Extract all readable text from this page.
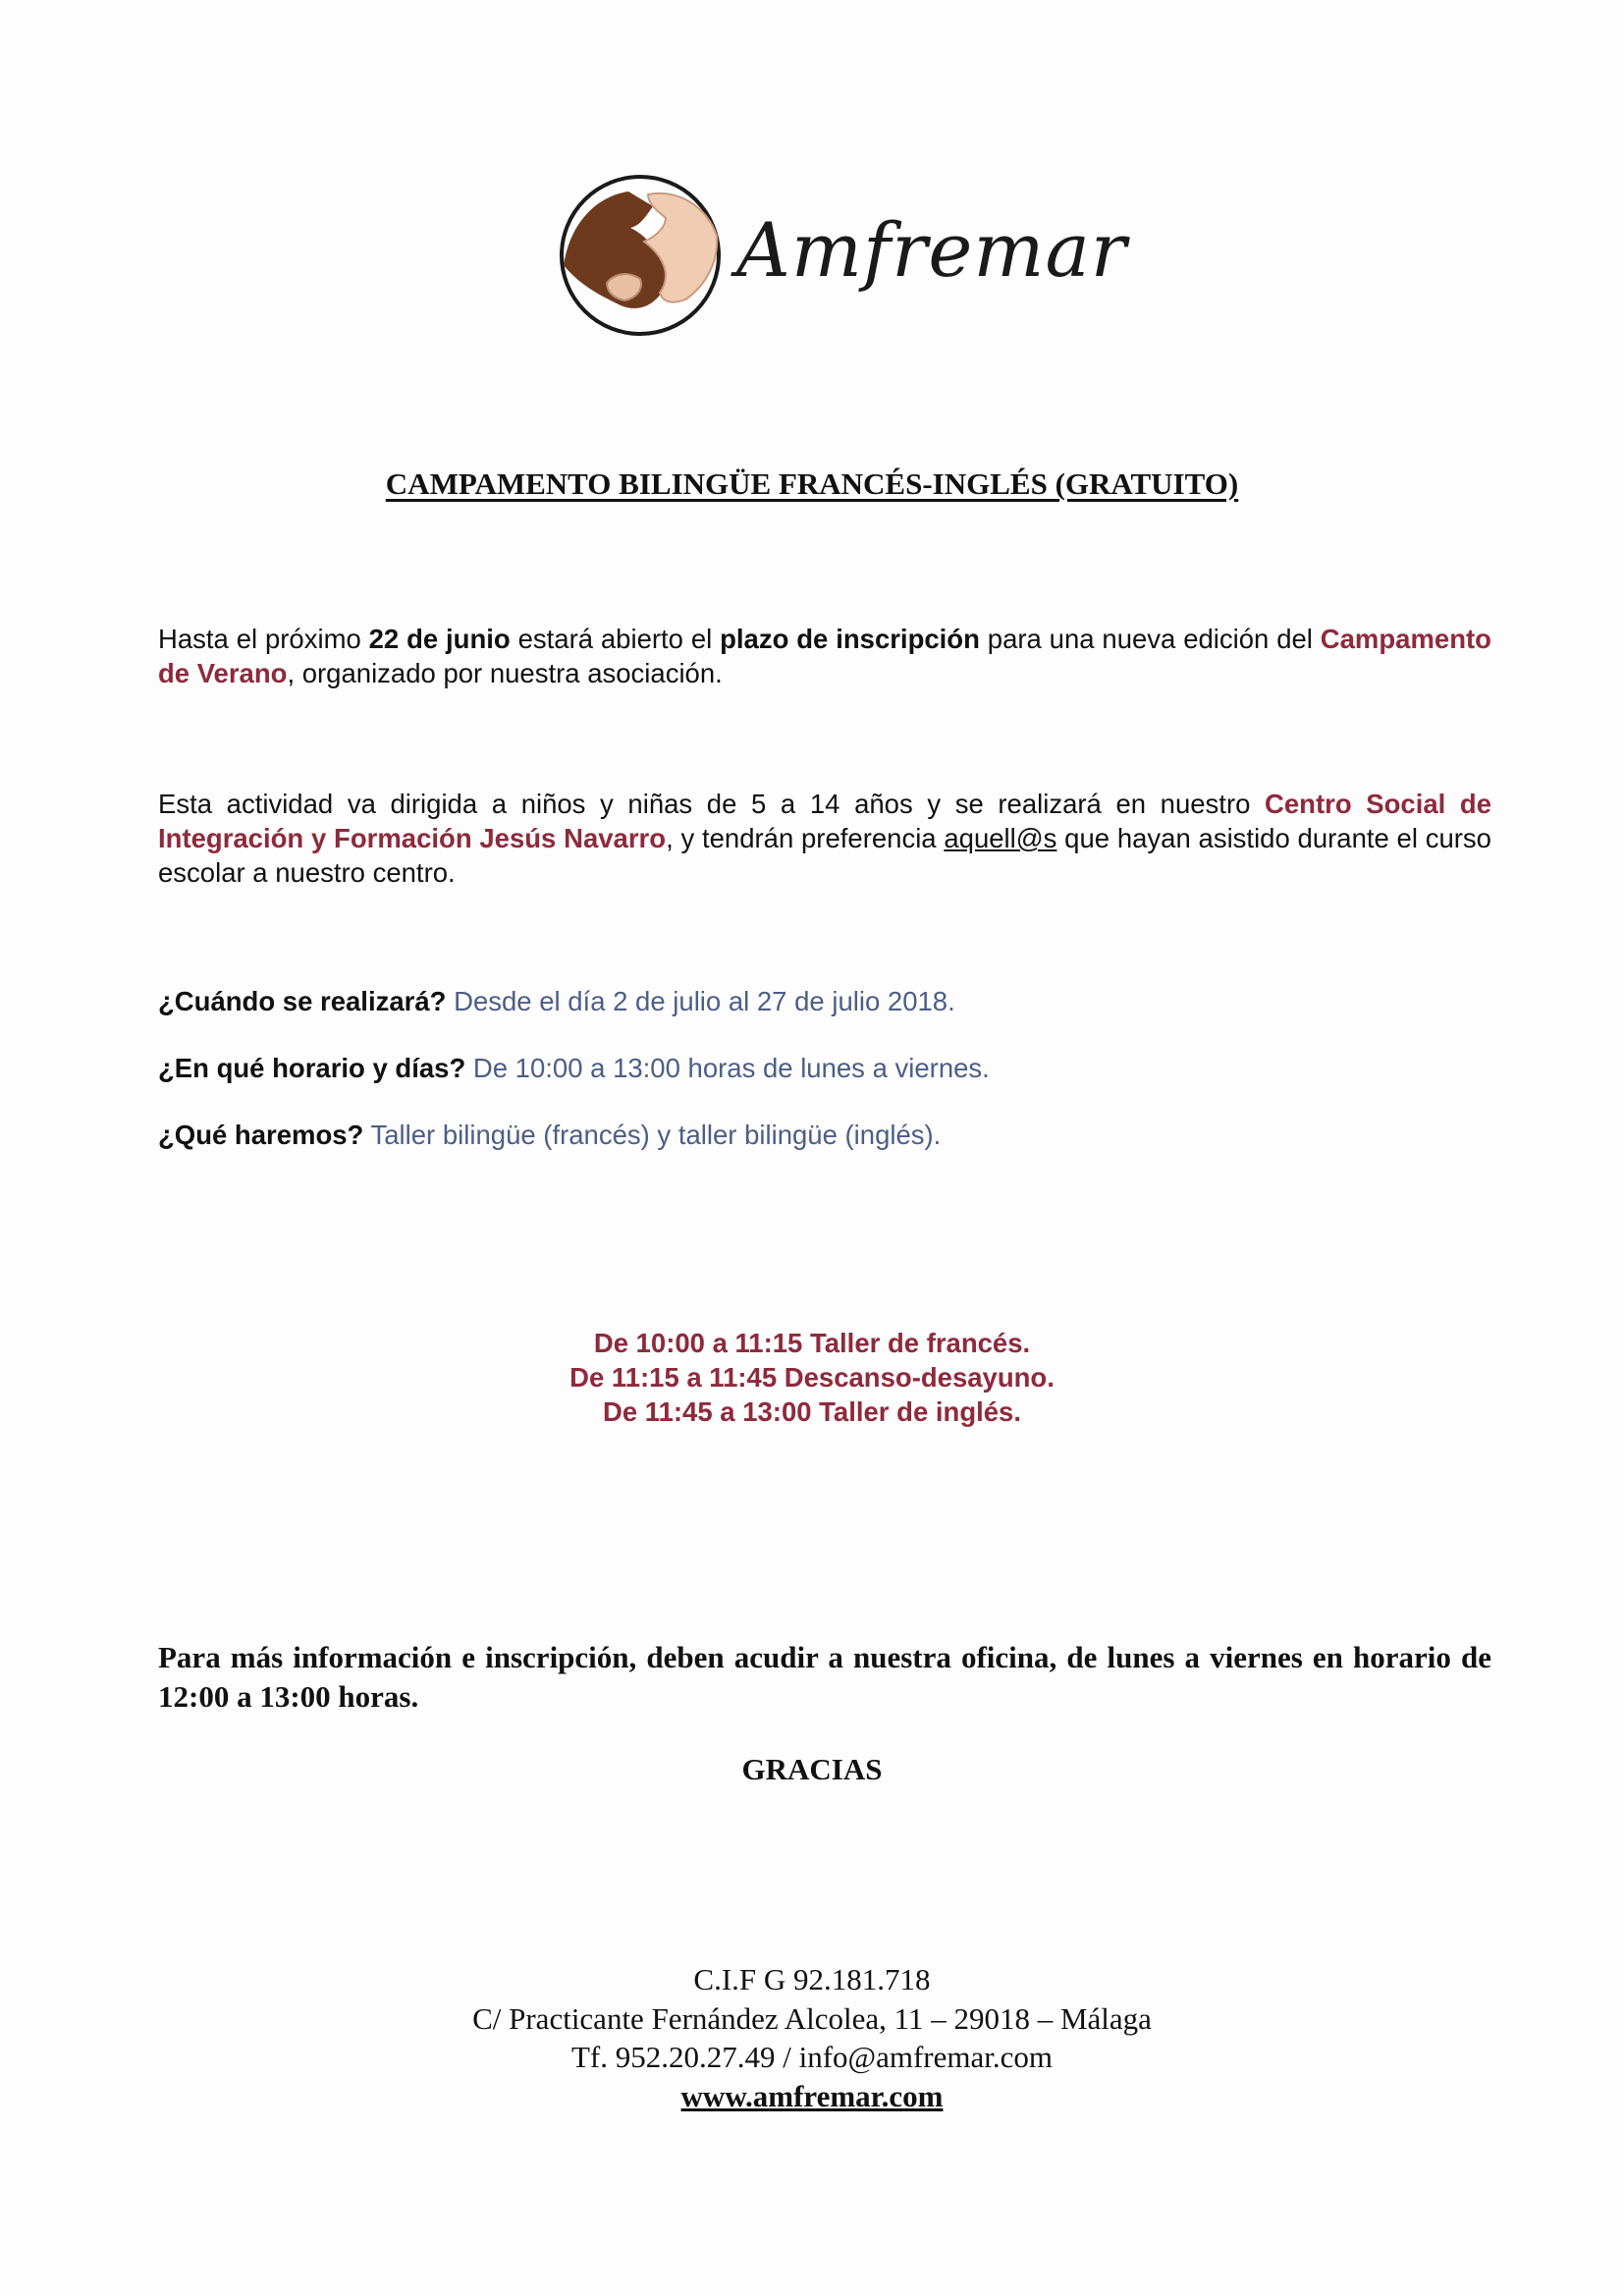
Amfremar
CAMPAMENTO BILINGÜE FRANCÉS-INGLÉS (GRATUITO)

Hasta el próximo 22 de junio estará abierto el plazo de inscripción para una nueva edición del Campamento de Verano, organizado por nuestra asociación.

Esta actividad va dirigida a niños y niñas de 5 a 14 años y se realizará en nuestro Centro Social de Integración y Formación Jesús Navarro, y tendrán preferencia aquell@s que hayan asistido durante el curso escolar a nuestro centro.

¿Cuándo se realizará? Desde el día 2 de julio al 27 de julio 2018.
¿En qué horario y días? De 10:00 a 13:00 horas de lunes a viernes.
¿Qué haremos? Taller bilingüe (francés) y taller bilingüe (inglés).
De 10:00 a 11:15 Taller de francés.
De 11:15 a 11:45 Descanso-desayuno.
De 11:45 a 13:00 Taller de inglés.

Para más información e inscripción, deben acudir a nuestra oficina, de lunes a viernes en horario de 12:00 a 13:00 horas.

GRACIAS
C.I.F G 92.181.718
C/ Practicante Fernández Alcolea, 11 – 29018 – Málaga
Tf. 952.20.27.49 / info@amfremar.com
www.amfremar.com
